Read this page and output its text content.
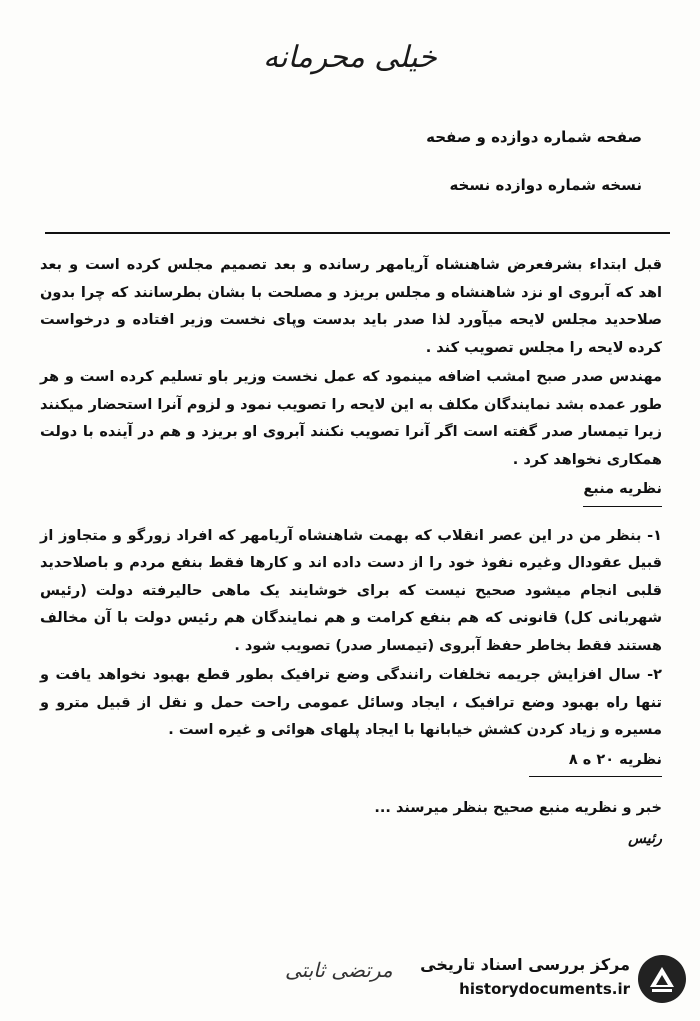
خیلی محرمانه
صفحه شماره دوازده و صفحه
نسخه شماره دوازده نسخه

قبل ابتداء بشرفعرض شاهنشاه آریامهر رسانده و بعد تصمیم مجلس کرده است و بعد اهد که آبروی او نزد شاهنشاه و مجلس بریزد و مصلحت با بشان بطرسانند که چرا بدون صلاحدید مجلس لایحه میآورد لذا صدر باید بدست وپای نخست وزیر افتاده و درخواست کرده لایحه را مجلس تصویب کند .

مهندس صدر صبح امشب اضافه مینمود که عمل نخست وزیر باو تسلیم کرده است و هر طور عمده بشد نمایندگان مکلف به این لایحه را تصویب نمود و لزوم آنرا استحضار میکنند زیرا تیمسار صدر گفته است اگر آنرا تصویب نکنند آبروی او بریزد و هم در آینده با دولت همکاری نخواهد کرد .

نظریه منبع

۱- بنظر من در این عصر انقلاب که بهمت شاهنشاه آریامهر که افراد زورگو و متجاوز از قبیل عقودال وغیره نفوذ خود را از دست داده اند و کارها فقط بنفع مردم و باصلاحدید قلبی انجام میشود صحیح نیست که برای خوشایند یک ماهی حالیرفته دولت (رئیس شهربانی کل) قانونی که هم بنفع کرامت و هم نمایندگان هم رئیس دولت با آن مخالف هستند فقط بخاطر حفظ آبروی (تیمسار صدر) تصویب شود .

۲- سال افزایش جریمه تخلفات رانندگی وضع ترافیک بطور قطع بهبود نخواهد یافت و تنها راه بهبود وضع ترافیک ، ایجاد وسائل عمومی راحت حمل و نقل از قبیل مترو و مسیره و زیاد کردن کشش خیابانها با ایجاد پلهای هوائی و غیره است .

نظریه ۲۰ ه ۸

خبر و نظریه منبع صحیح بنظر میرسند ...

رئیس

مرتضی ثابتی مرکز بررسی اسناد تاریخی
historydocuments.ir
